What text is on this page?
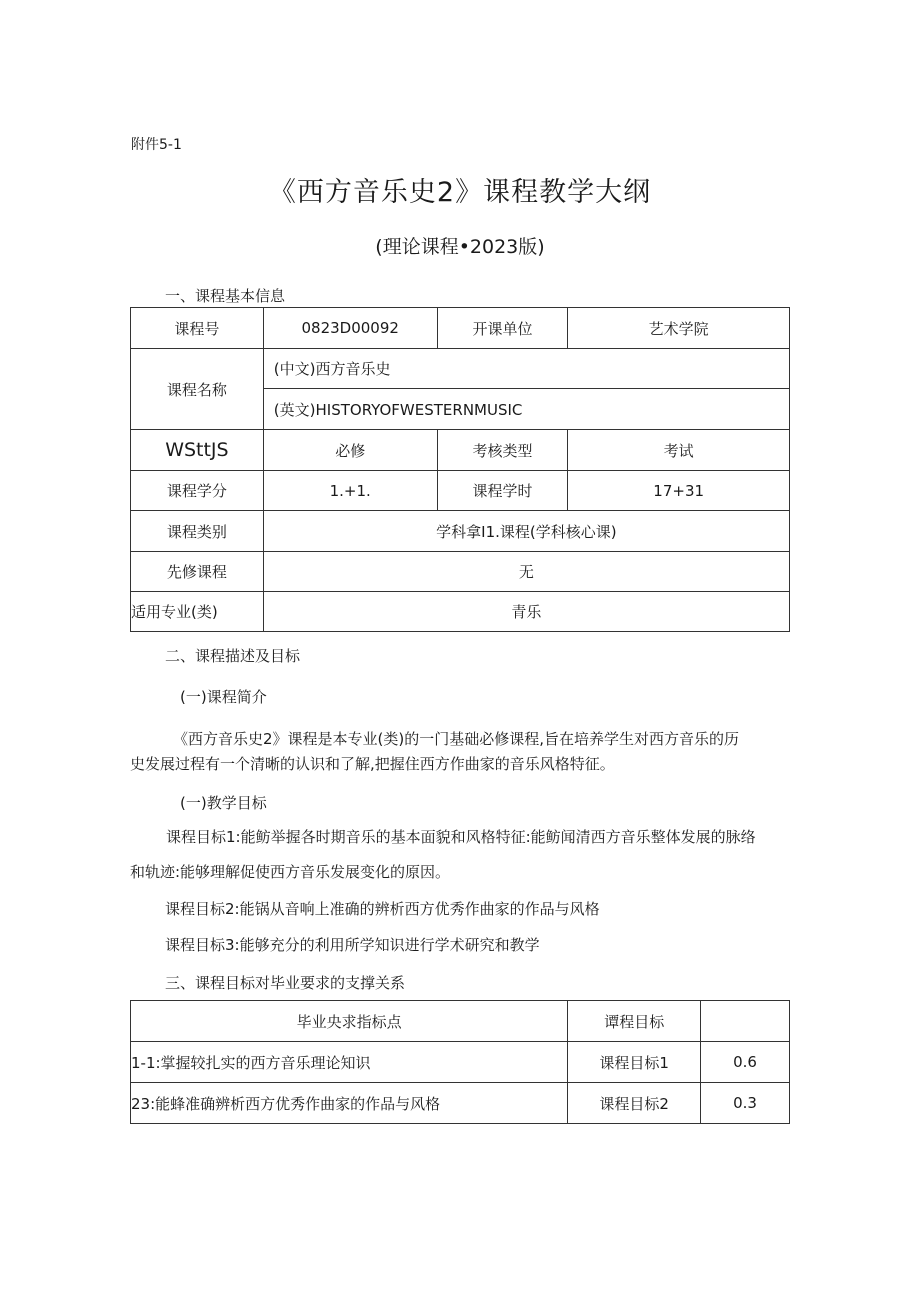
附件5-1
《西方音乐史2》课程教学大纲
(理论课程•2023版)
一、课程基本信息
课程号	0823D00092	开课单位	艺术学院
课程名称	(中文)西方音乐史		
	(英文)HISTORYOFWESTERNMUSIC		
WSttJS	必修	考核类型	考试
课程学分	1.+1.	课程学时	17+31
课程类别	学科拿I1.课程(学科核心课)		
先修课程	无		
适用专业(类)	青乐		
二、课程描述及目标
(一)课程简介
《西方音乐史2》课程是本专业(类)的一门基础必修课程,旨在培养学生对西方音乐的历
史发展过程有一个清晰的认识和了解,把握住西方作曲家的音乐风格特征。
(一)教学目标
课程目标1:能鲂举握各时期音乐的基本面貌和风格特征:能鲂闻清西方音乐整体发展的脉络
和轨迹:能够理解促使西方音乐发展变化的原因。
课程目标2:能锅从音响上准确的辨析西方优秀作曲家的作品与风格
课程目标3:能够充分的利用所学知识进行学术研究和教学
三、课程目标对毕业要求的支撑关系
毕业央求指标点	谭程目标	
1-1:掌握较扎实的西方音乐理论知识	课程目标1	0.6
23:能蜂准确辨析西方优秀作曲家的作品与风格	课程目标2	0.3
